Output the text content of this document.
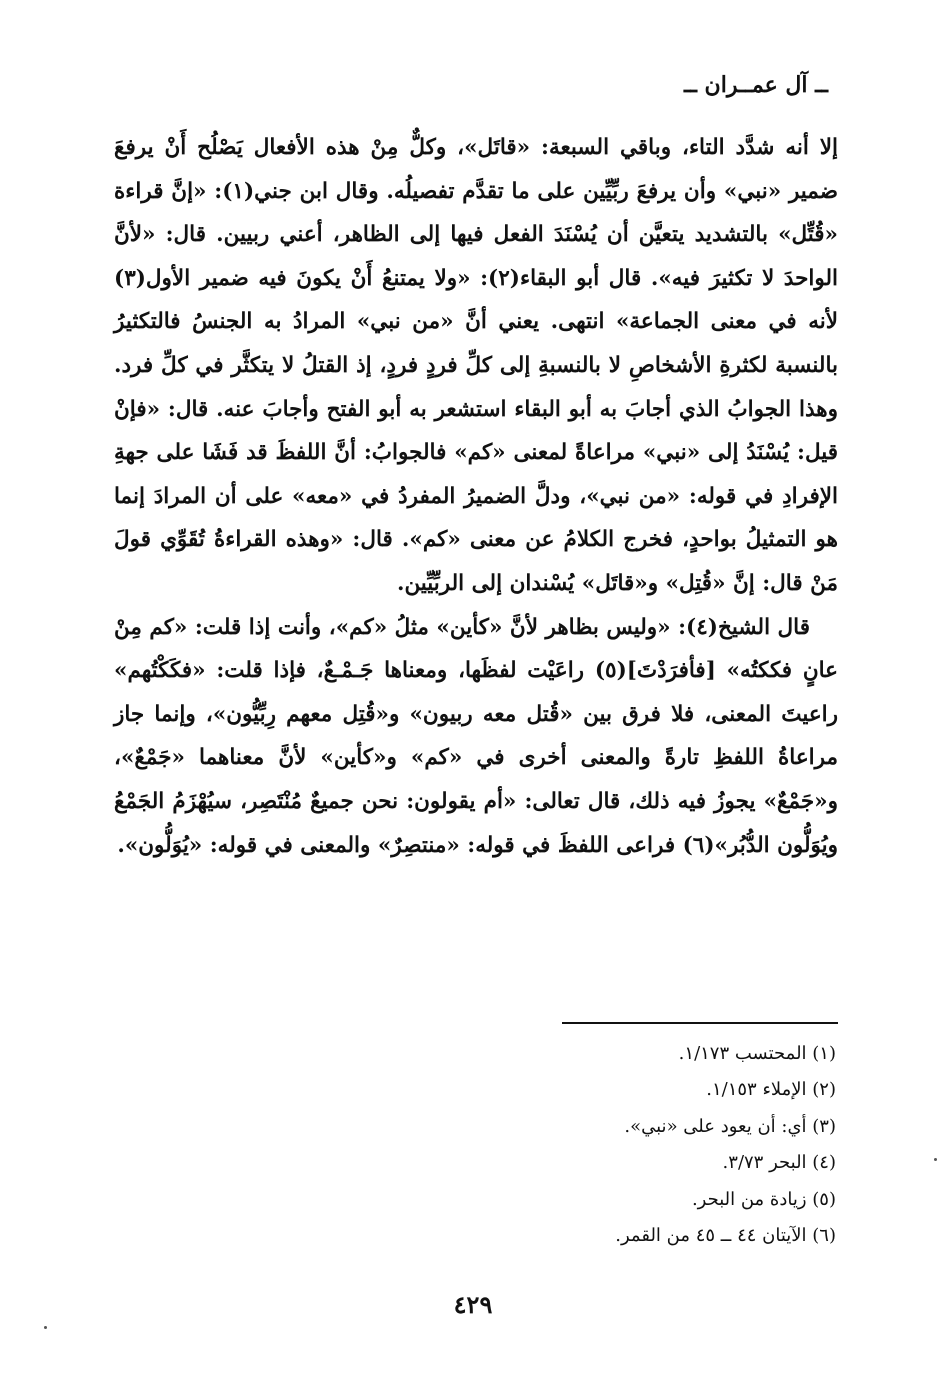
ــ آل عمــران ــ

إلا أنه شدَّد التاء، وباقي السبعة: «قاتَل»، وكلٌّ مِنْ هذه الأفعال يَصْلُح أَنْ يرفعَ ضمير «نبي» وأن يرفعَ ربِّيِّين على ما تقدَّم تفصيلُه. وقال ابن جني(١): «إنَّ قراءة «قُتِّل» بالتشديد يتعيَّن أن يُسْنَدَ الفعل فيها إلى الظاهر، أعني ربيين. قال: «لأنَّ الواحدَ لا تكثيرَ فيه». قال أبو البقاء(٢): «ولا يمتنعُ أَنْ يكونَ فيه ضمير الأول(٣) لأنه في معنى الجماعة» انتهى. يعني أنَّ «من نبي» المرادُ به الجنسُ فالتكثيرُ بالنسبة لكثرةِ الأشخاصِ لا بالنسبةِ إلى كلِّ فردٍ فردٍ، إذ القتلُ لا يتكثَّر في كلِّ فرد. وهذا الجوابُ الذي أجابَ به أبو البقاء استشعر به أبو الفتح وأجابَ عنه. قال: «فإنْ قيل: يُسْنَدُ إلى «نبي» مراعاةً لمعنى «كم» فالجوابُ: أنَّ اللفظَ قد فَشَا على جهةِ الإفرادِ في قوله: «من نبي»، ودلَّ الضميرُ المفردُ في «معه» على أن المرادَ إنما هو التمثيلُ بواحدٍ، فخرج الكلامُ عن معنى «كم». قال: «وهذه القراءةُ تُقَوِّي قولَ مَنْ قال: إنَّ «قُتِل» و«قاتَل» يُسْندان إلى الربِّيِّين.

قال الشيخ(٤): «وليس بظاهر لأنَّ «كأين» مثلُ «كم»، وأنت إذا قلت: «كم مِنْ عانٍ فككتُه» [فأفرَدْتَ](٥) راعَيْت لفظَها، ومعناها جَـمْـعٌ، فإذا قلت: «فكَكْتُهم» راعيتَ المعنى، فلا فرق بين «قُتل معه ربيون» و«قُتِل معهم رِبِّيُّون»، وإنما جاز مراعاةُ اللفظِ تارةً والمعنى أخرى في «كم» و«كأين» لأنَّ معناهما «جَمْعٌ»، و«جَمْعٌ» يجوزُ فيه ذلك، قال تعالى: «أم يقولون: نحن جميعٌ مُنْتَصِر، سيُهْزَمُ الجَمْعُ ويُوَلُّون الدُّبُر»(٦) فراعى اللفظَ في قوله: «منتصِرٌ» والمعنى في قوله: «يُوَلُّون».

(١) المحتسب ١/١٧٣.
(٢) الإملاء ١/١٥٣.
(٣) أي: أن يعود على «نبي».
(٤) البحر ٣/٧٣.
(٥) زيادة من البحر.
(٦) الآيتان ٤٤ ــ ٤٥ من القمر.
٤٢٩
